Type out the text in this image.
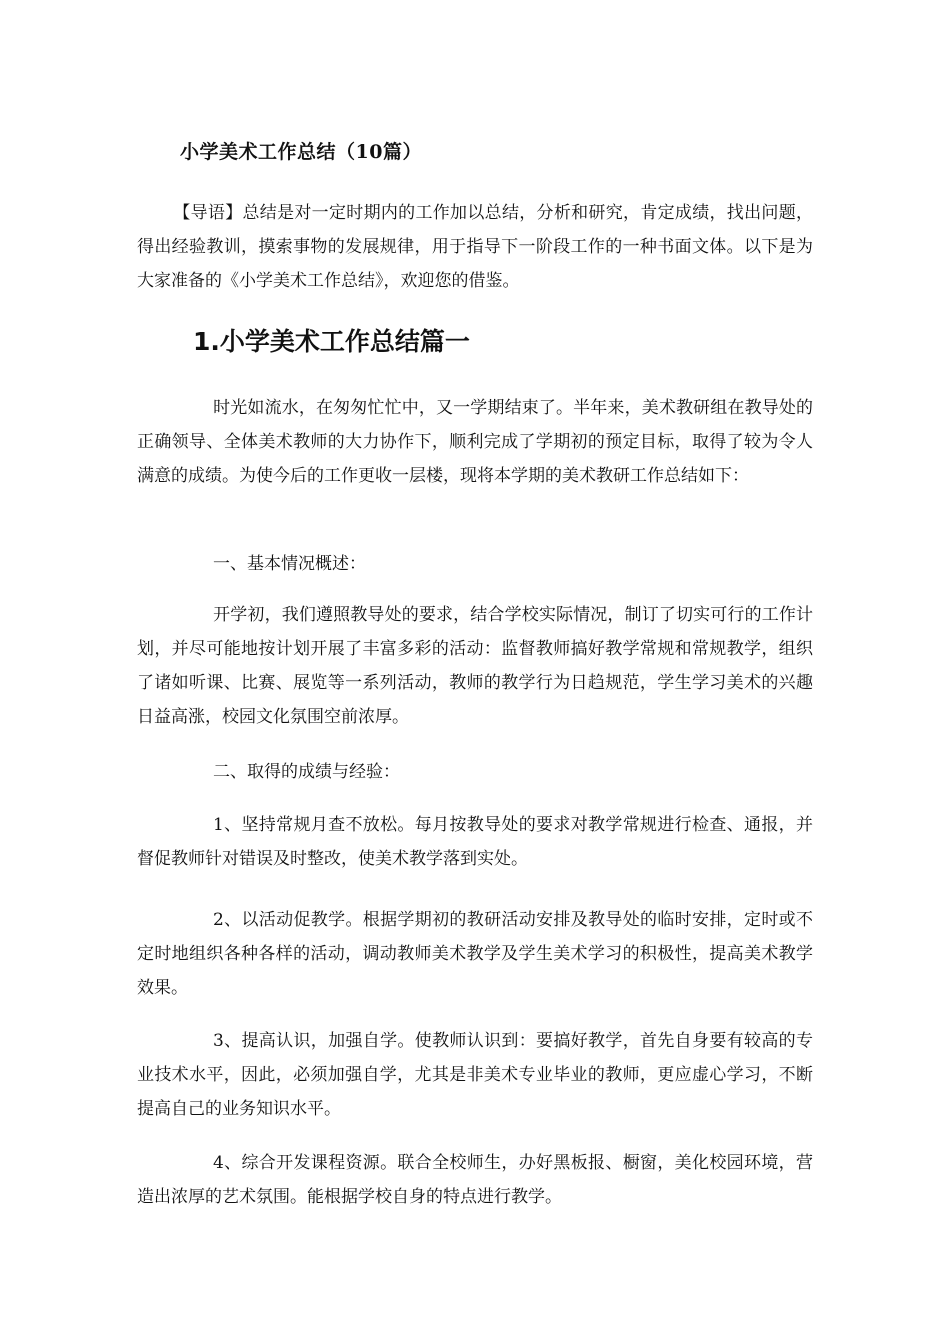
小学美术工作总结（10篇）

【导语】总结是对一定时期内的工作加以总结，分析和研究，肯定成绩，找出问题，得出经验教训，摸索事物的发展规律，用于指导下一阶段工作的一种书面文体。以下是为大家准备的《小学美术工作总结》，欢迎您的借鉴。

1.小学美术工作总结篇一

时光如流水，在匆匆忙忙中，又一学期结束了。半年来，美术教研组在教导处的正确领导、全体美术教师的大力协作下，顺利完成了学期初的预定目标，取得了较为令人满意的成绩。为使今后的工作更收一层楼，现将本学期的美术教研工作总结如下：

一、基本情况概述：

开学初，我们遵照教导处的要求，结合学校实际情况，制订了切实可行的工作计划，并尽可能地按计划开展了丰富多彩的活动：监督教师搞好教学常规和常规教学，组织了诸如听课、比赛、展览等一系列活动，教师的教学行为日趋规范，学生学习美术的兴趣日益高涨，校园文化氛围空前浓厚。

二、取得的成绩与经验：

1、坚持常规月查不放松。每月按教导处的要求对教学常规进行检查、通报，并督促教师针对错误及时整改，使美术教学落到实处。

2、以活动促教学。根据学期初的教研活动安排及教导处的临时安排，定时或不定时地组织各种各样的活动，调动教师美术教学及学生美术学习的积极性，提高美术教学效果。

3、提高认识，加强自学。使教师认识到：要搞好教学，首先自身要有较高的专业技术水平，因此，必须加强自学，尤其是非美术专业毕业的教师，更应虚心学习，不断提高自己的业务知识水平。

4、综合开发课程资源。联合全校师生，办好黑板报、橱窗，美化校园环境，营造出浓厚的艺术氛围。能根据学校自身的特点进行教学。
